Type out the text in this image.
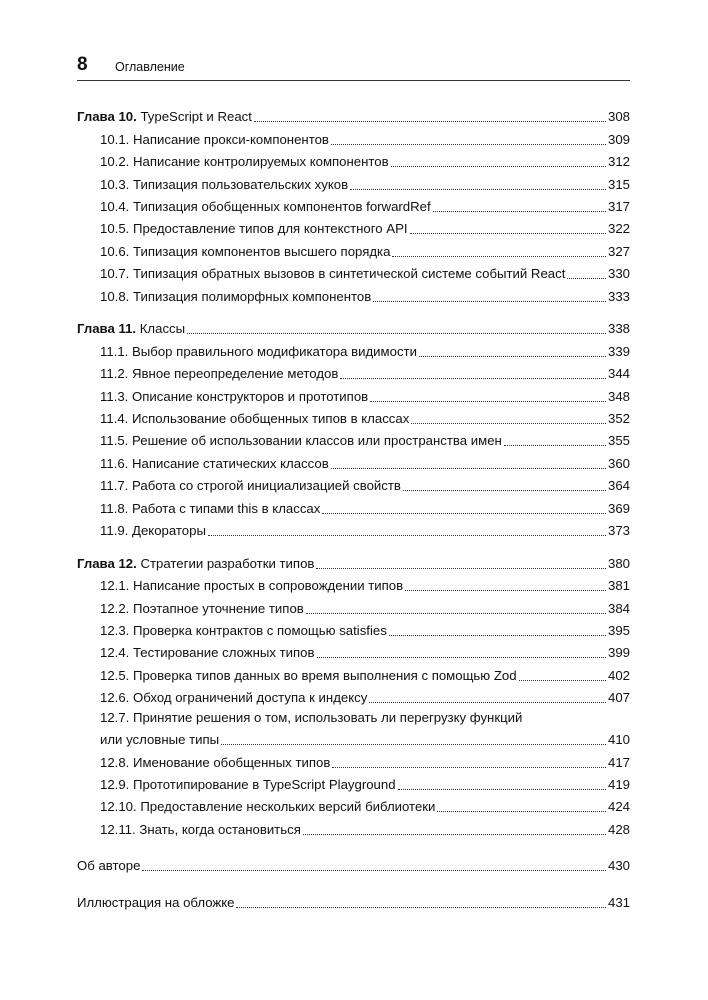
8 Оглавление
Глава 10. TypeScript и React	308
10.1. Написание прокси-компонентов	309
10.2. Написание контролируемых компонентов	312
10.3. Типизация пользовательских хуков	315
10.4. Типизация обобщенных компонентов forwardRef	317
10.5. Предоставление типов для контекстного API	322
10.6. Типизация компонентов высшего порядка	327
10.7. Типизация обратных вызовов в синтетической системе событий React	330
10.8. Типизация полиморфных компонентов	333
Глава 11. Классы	338
11.1. Выбор правильного модификатора видимости	339
11.2. Явное переопределение методов	344
11.3. Описание конструкторов и прототипов	348
11.4. Использование обобщенных типов в классах	352
11.5. Решение об использовании классов или пространства имен	355
11.6. Написание статических классов	360
11.7. Работа со строгой инициализацией свойств	364
11.8. Работа с типами this в классах	369
11.9. Декораторы	373
Глава 12. Стратегии разработки типов	380
12.1. Написание простых в сопровождении типов	381
12.2. Поэтапное уточнение типов	384
12.3. Проверка контрактов с помощью satisfies	395
12.4. Тестирование сложных типов	399
12.5. Проверка типов данных во время выполнения с помощью Zod	402
12.6. Обход ограничений доступа к индексу	407
12.7. Принятие решения о том, использовать ли перегрузку функций
или условные типы	410
12.8. Именование обобщенных типов	417
12.9. Прототипирование в TypeScript Playground	419
12.10. Предоставление нескольких версий библиотеки	424
12.11. Знать, когда остановиться	428
Об авторе	430
Иллюстрация на обложке	431
